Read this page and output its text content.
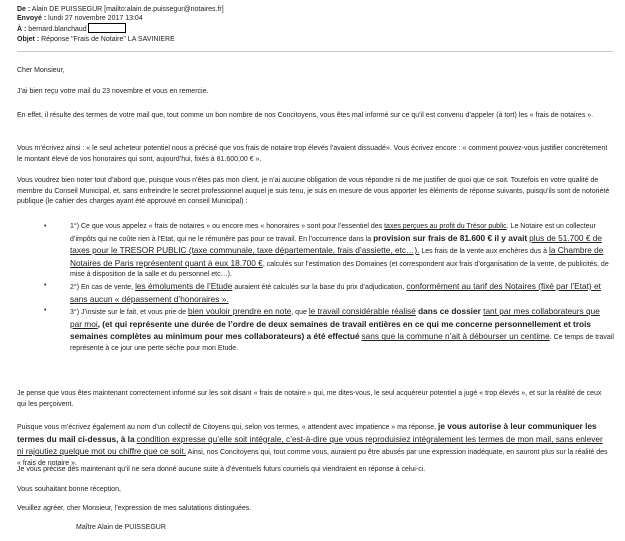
De : Alain DE PUISSEGUR [mailto:alain.de.puissegur@notaires.fr]
Envoyé : lundi 27 novembre 2017 13:04
À : bernard.blanchaud
Objet : Réponse "Frais de Notaire" LA SAVINIERE

Cher Monsieur,

J’ai bien reçu votre mail du 23 novembre et vous en remercie.

En effet, il résulte des termes de votre mail que, tout comme un bon nombre de nos Concitoyens, vous êtes mal informé sur ce qu’il est convenu d’appeler (à tort) les « frais de notaires ».

Vous m’écrivez ainsi : « le seul acheteur potentiel nous a précisé que vos frais de notaire trop élevés l’avaient dissuadé». Vous écrivez encore : « comment pouvez-vous justifier concrètement le montant élevé de vos honoraires qui sont, aujourd’hui, fixés à 81.600,00 € ».

Vous voudrez bien noter tout d’abord que, puisque vous n’êtes pas mon client, je n’ai aucune obligation de vous répondre ni de me justifier de quoi que ce soit. Toutefois en votre qualité de membre du Conseil Municipal, et, sans enfreindre le secret professionnel auquel je suis tenu, je suis en mesure de vous apporter les éléments de réponse suivants, puisqu’ils sont de notoriété publique (le cahier des charges ayant été approuvé en conseil Municipal) :

•	1°) Ce que vous appelez « frais de notaires » ou encore mes « honoraires » sont pour l’essentiel des taxes perçues au profit du Trésor public. Le Notaire est un collecteur d’impôts qui ne coûte rien à l’Etat, qui ne le rémunère pas pour ce travail. En l’occurrence dans la provision sur frais de 81.600 € il y avait plus de 51.700 € de taxes pour le TRESOR PUBLIC (taxe communale, taxe départementale, frais d’assiette, etc…). Les frais de la vente aux enchères dus à la Chambre de Notaires de Paris représentent quant à eux 18.700 €, calculés sur l’estimation des Domaines (et correspondent aux frais d’organisation de la vente, de publicités, de mise à disposition de la salle et du personnel etc…).
•	2°) En cas de vente, les émoluments de l’Etude auraient été calculés sur la base du prix d’adjudication, conformément au tarif des Notaires (fixé par l’Etat) et sans aucun « dépassement d’honoraires ».
•	3°) J’insiste sur le fait, et vous prie de bien vouloir prendre en note, que le travail considérable réalisé dans ce dossier tant par mes collaborateurs que par moi, (et qui représente une durée de l’ordre de deux semaines de travail entières en ce qui me concerne personnellement et trois semaines complètes au minimum pour mes collaborateurs) a été effectué sans que la commune n’ait à débourser un centime. Ce temps de travail représente à ce jour une perte sèche pour mon Etude.

Je pense que vous êtes maintenant correctement informé sur les soit disant « frais de notaire » qui, me dites-vous, le seul acquéreur potentiel a jugé « trop élevés », et sur la réalité de ceux qui les perçoivent.

Puisque vous m’écrivez également au nom d’un collectif de Citoyens qui, selon vos termes, « attendent avec impatience » ma réponse, je vous autorise à leur communiquer les termes du mail ci-dessus, à la condition expresse qu’elle soit intégrale, c’est-à-dire que vous reproduisiez intégralement les termes de mon mail, sans enlever ni rajoutiez quelque mot ou chiffre que ce soit. Ainsi, nos Concitoyens qui, tout comme vous, auraient pu être abusés par une expression inadéquate, en sauront plus sur la réalité des « frais de notaire ».

Je vous précise dès maintenant qu’il ne sera donné aucune suite à d’éventuels futurs courriels qui viendraient en réponse à celui-ci.

Vous souhaitant bonne réception,

Veuillez agréer, cher Monsieur, l’expression de mes salutations distinguées.

Maître Alain de PUISSEGUR
